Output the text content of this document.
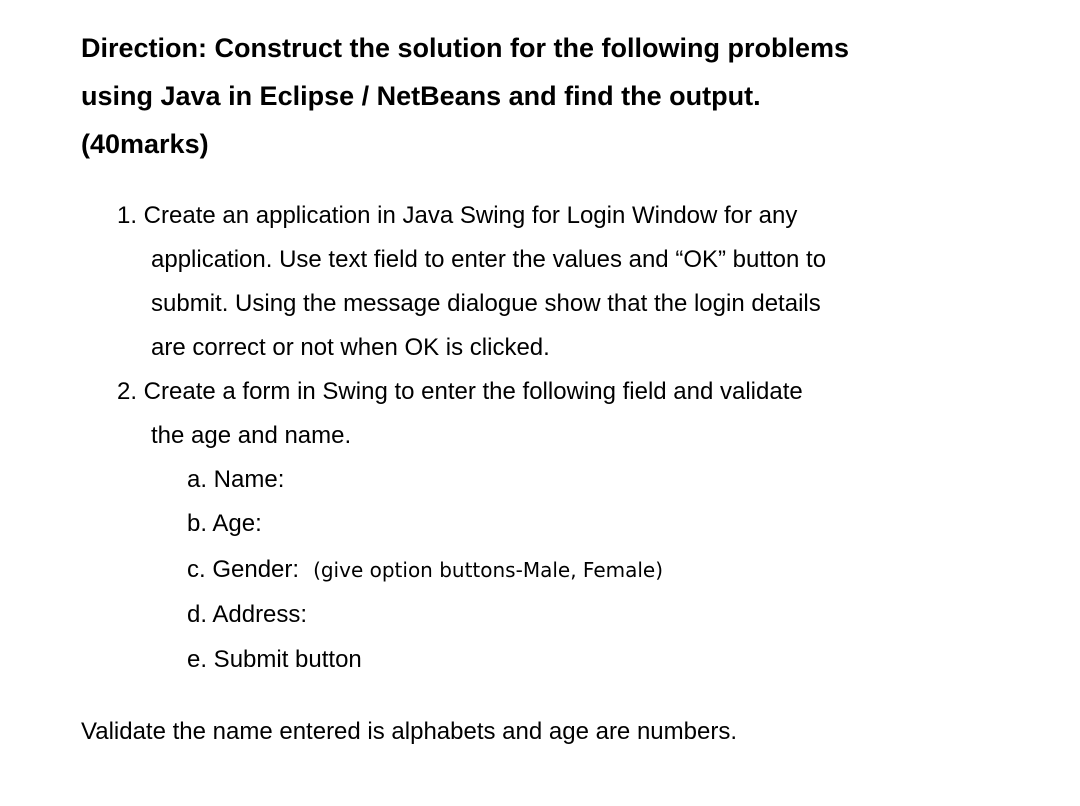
Direction: Construct the solution for the following problems
using Java in Eclipse / NetBeans and find the output.
(40marks)
1. Create an application in Java Swing for Login Window for any
application. Use text field to enter the values and “OK” button to
submit. Using the message dialogue show that the login details
are correct or not when OK is clicked.
2. Create a form in Swing to enter the following field and validate
the age and name.
a. Name:
b. Age:
c. Gender: (give option buttons-Male, Female)
d. Address:
e. Submit button
Validate the name entered is alphabets and age are numbers.
